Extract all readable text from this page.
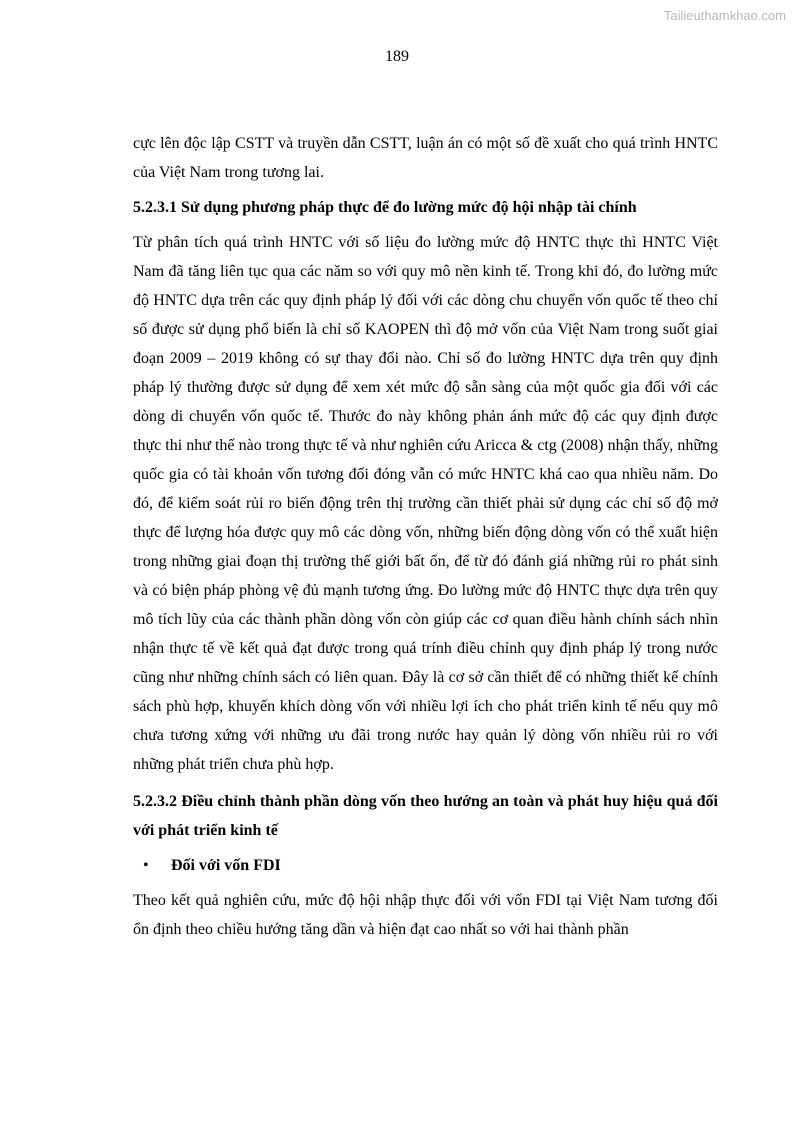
Tailieuthamkhao.com
189

cực lên độc lập CSTT và truyền dẫn CSTT, luận án có một số đề xuất cho quá trình HNTC của Việt Nam trong tương lai.

5.2.3.1 Sử dụng phương pháp thực để đo lường mức độ hội nhập tài chính

Từ phân tích quá trình HNTC với số liệu đo lường mức độ HNTC thực thì HNTC Việt Nam đã tăng liên tục qua các năm so với quy mô nền kinh tế. Trong khi đó, đo lường mức độ HNTC dựa trên các quy định pháp lý đối với các dòng chu chuyển vốn quốc tế theo chỉ số được sử dụng phổ biến là chỉ số KAOPEN thì độ mở vốn của Việt Nam trong suốt giai đoạn 2009 – 2019 không có sự thay đổi nào. Chỉ số đo lường HNTC dựa trên quy định pháp lý thường được sử dụng để xem xét mức độ sẵn sàng của một quốc gia đối với các dòng di chuyển vốn quốc tế. Thước đo này không phản ánh mức độ các quy định được thực thi như thế nào trong thực tế và như nghiên cứu Aricca & ctg (2008) nhận thấy, những quốc gia có tài khoản vốn tương đối đóng vẫn có mức HNTC khá cao qua nhiều năm. Do đó, để kiểm soát rủi ro biến động trên thị trường cần thiết phải sử dụng các chỉ số độ mở thực để lượng hóa được quy mô các dòng vốn, những biến động dòng vốn có thể xuất hiện trong những giai đoạn thị trường thế giới bất ổn, để từ đó đánh giá những rủi ro phát sinh và có biện pháp phòng vệ đủ mạnh tương ứng. Đo lường mức độ HNTC thực dựa trên quy mô tích lũy của các thành phần dòng vốn còn giúp các cơ quan điều hành chính sách nhìn nhận thực tế về kết quả đạt được trong quá trính điều chỉnh quy định pháp lý trong nước cũng như những chính sách có liên quan. Đây là cơ sở cần thiết để có những thiết kế chính sách phù hợp, khuyến khích dòng vốn với nhiều lợi ích cho phát triển kinh tế nếu quy mô chưa tương xứng với những ưu đãi trong nước hay quản lý dòng vốn nhiều rủi ro với những phát triển chưa phù hợp.

5.2.3.2 Điều chỉnh thành phần dòng vốn theo hướng an toàn và phát huy hiệu quả đối với phát triển kinh tế

•	Đối với vốn FDI

Theo kết quả nghiên cứu, mức độ hội nhập thực đối với vốn FDI tại Việt Nam tương đối ổn định theo chiều hướng tăng dần và hiện đạt cao nhất so với hai thành phần
